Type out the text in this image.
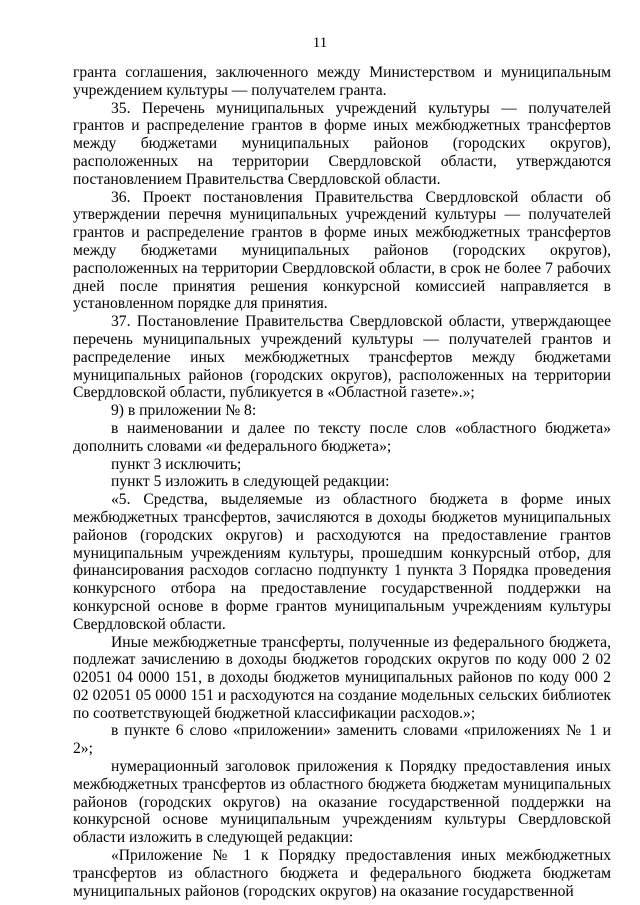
11

гранта соглашения, заключенного между Министерством и муниципальным учреждением культуры — получателем гранта.

35. Перечень муниципальных учреждений культуры — получателей грантов и распределение грантов в форме иных межбюджетных трансфертов между бюджетами муниципальных районов (городских округов), расположенных на территории Свердловской области, утверждаются постановлением Правительства Свердловской области.

36. Проект постановления Правительства Свердловской области об утверждении перечня муниципальных учреждений культуры — получателей грантов и распределение грантов в форме иных межбюджетных трансфертов между бюджетами муниципальных районов (городских округов), расположенных на территории Свердловской области, в срок не более 7 рабочих дней после принятия решения конкурсной комиссией направляется в установленном порядке для принятия.

37. Постановление Правительства Свердловской области, утверждающее перечень муниципальных учреждений культуры — получателей грантов и распределение иных межбюджетных трансфертов между бюджетами муниципальных районов (городских округов), расположенных на территории Свердловской области, публикуется в «Областной газете».»;

9) в приложении № 8:

в наименовании и далее по тексту после слов «областного бюджета» дополнить словами «и федерального бюджета»;

пункт 3 исключить;

пункт 5 изложить в следующей редакции:

«5. Средства, выделяемые из областного бюджета в форме иных межбюджетных трансфертов, зачисляются в доходы бюджетов муниципальных районов (городских округов) и расходуются на предоставление грантов муниципальным учреждениям культуры, прошедшим конкурсный отбор, для финансирования расходов согласно подпункту 1 пункта 3 Порядка проведения конкурсного отбора на предоставление государственной поддержки на конкурсной основе в форме грантов муниципальным учреждениям культуры Свердловской области.

Иные межбюджетные трансферты, полученные из федерального бюджета, подлежат зачислению в доходы бюджетов городских округов по коду 000 2 02 02051 04 0000 151, в доходы бюджетов муниципальных районов по коду 000 2 02 02051 05 0000 151 и расходуются на создание модельных сельских библиотек по соответствующей бюджетной классификации расходов.»;

в пункте 6 слово «приложении» заменить словами «приложениях № 1 и 2»;

нумерационный заголовок приложения к Порядку предоставления иных межбюджетных трансфертов из областного бюджета бюджетам муниципальных районов (городских округов) на оказание государственной поддержки на конкурсной основе муниципальным учреждениям культуры Свердловской области изложить в следующей редакции:

«Приложение № 1 к Порядку предоставления иных межбюджетных трансфертов из областного бюджета и федерального бюджета бюджетам муниципальных районов (городских округов) на оказание государственной
